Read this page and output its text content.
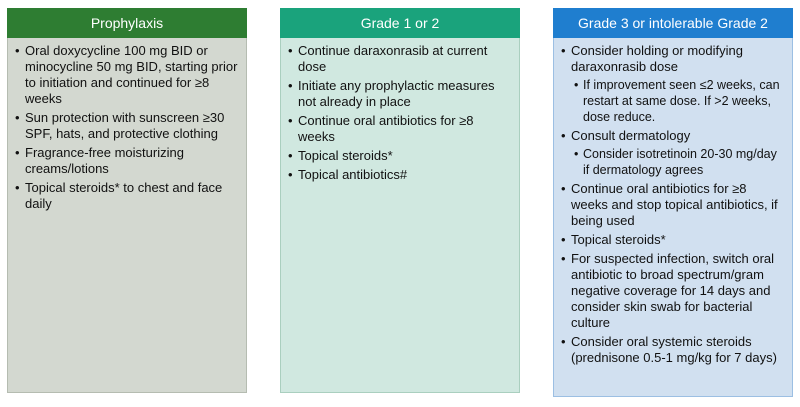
Prophylaxis
• Oral doxycycline 100 mg BID or minocycline 50 mg BID, starting prior to initiation and continued for ≥8 weeks
• Sun protection with sunscreen ≥30 SPF, hats, and protective clothing
• Fragrance-free moisturizing creams/lotions
• Topical steroids* to chest and face daily
Grade 1 or 2
• Continue daraxonrasib at current dose
• Initiate any prophylactic measures not already in place
• Continue oral antibiotics for ≥8 weeks
• Topical steroids*
• Topical antibiotics#
Grade 3 or intolerable Grade 2
• Consider holding or modifying daraxonrasib dose
• If improvement seen ≤2 weeks, can restart at same dose. If >2 weeks, dose reduce.
• Consult dermatology
• Consider isotretinoin 20-30 mg/day if dermatology agrees
• Continue oral antibiotics for ≥8 weeks and stop topical antibiotics, if being used
• Topical steroids*
• For suspected infection, switch oral antibiotic to broad spectrum/gram negative coverage for 14 days and consider skin swab for bacterial culture
• Consider oral systemic steroids (prednisone 0.5-1 mg/kg for 7 days)
